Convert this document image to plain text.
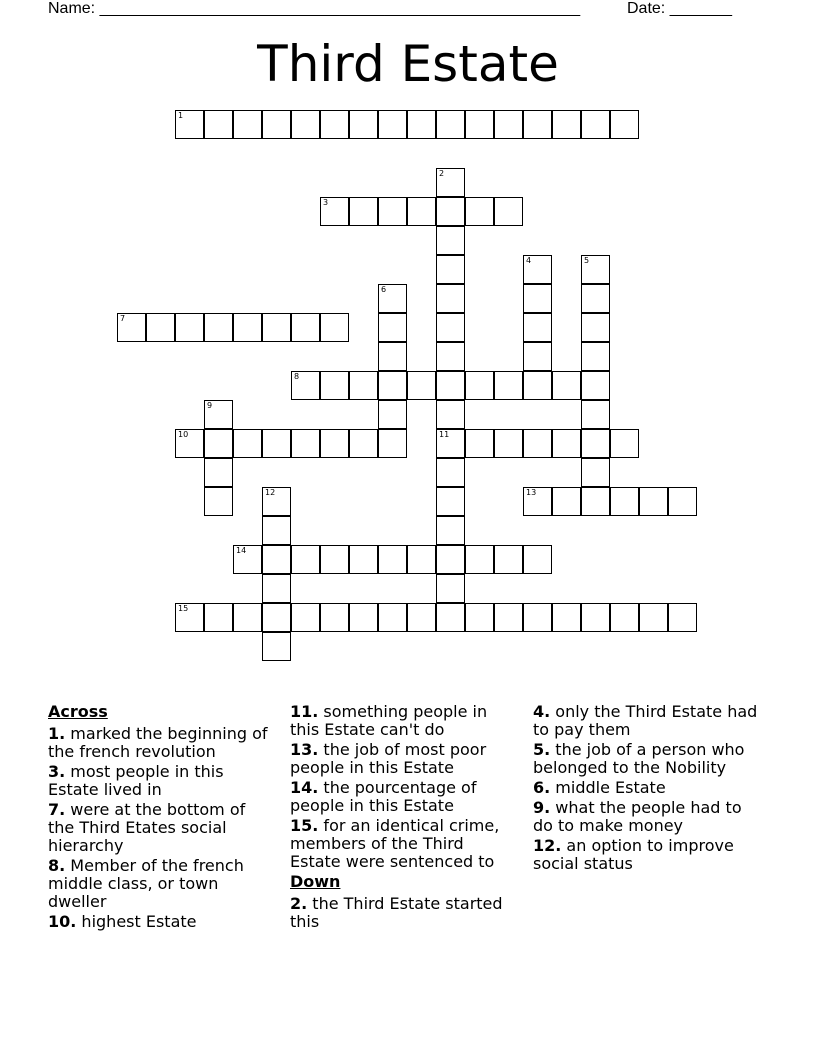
Name: ______________________________________________________	Date: _______
Third Estate
1
2
11
3
4	5
6
7
8
9
10
12	13
14
15
Across
1. marked the beginning of the french revolution
3. most people in this Estate lived in
7. were at the bottom of the Third Etates social hierarchy
8. Member of the french middle class, or town dweller
10. highest Estate
11. something people in this Estate can't do
13. the job of most poor people in this Estate
14. the pourcentage of people in this Estate
15. for an identical crime, members of the Third Estate were sentenced to
Down
2. the Third Estate started this
4. only the Third Estate had to pay them
5. the job of a person who belonged to the Nobility
6. middle Estate
9. what the people had to do to make money
12. an option to improve social status
